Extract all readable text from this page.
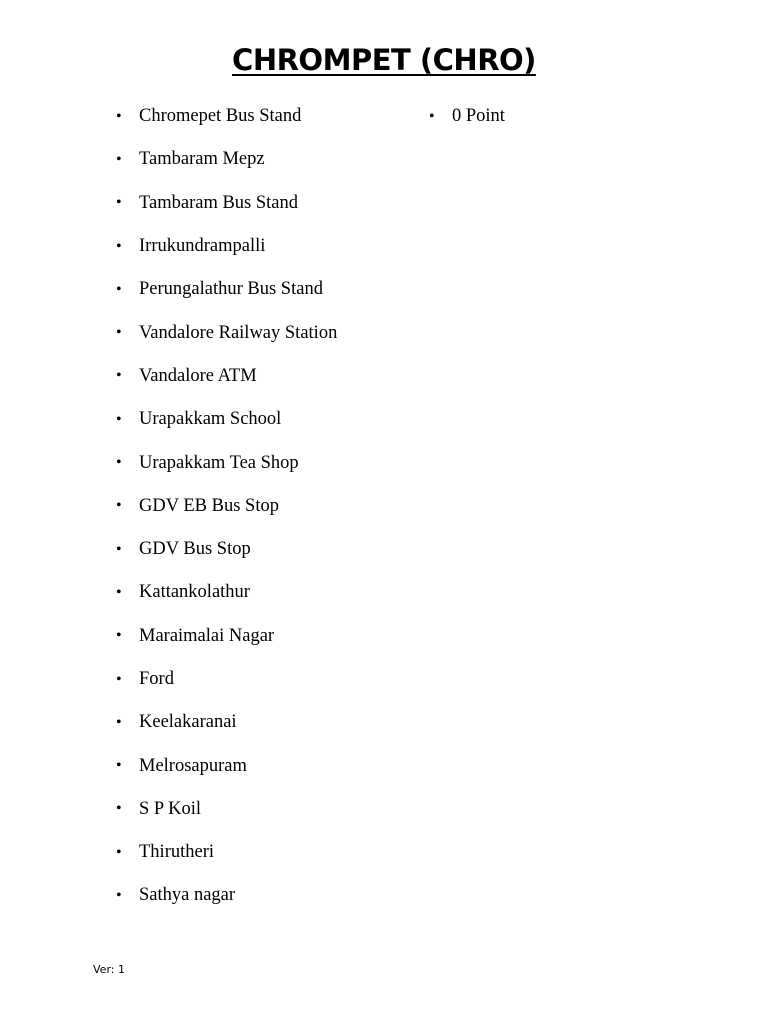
CHROMPET (CHRO)
• Chromepet Bus Stand
• Tambaram Mepz
• Tambaram Bus Stand
• Irrukundrampalli
• Perungalathur Bus Stand
• Vandalore Railway Station
• Vandalore ATM
• Urapakkam School
• Urapakkam Tea Shop
• GDV EB Bus Stop
• GDV Bus Stop
• Kattankolathur
• Maraimalai Nagar
• Ford
• Keelakaranai
• Melrosapuram
• S P Koil
• Thirutheri
• Sathya nagar
• 0 Point
Ver: 1
